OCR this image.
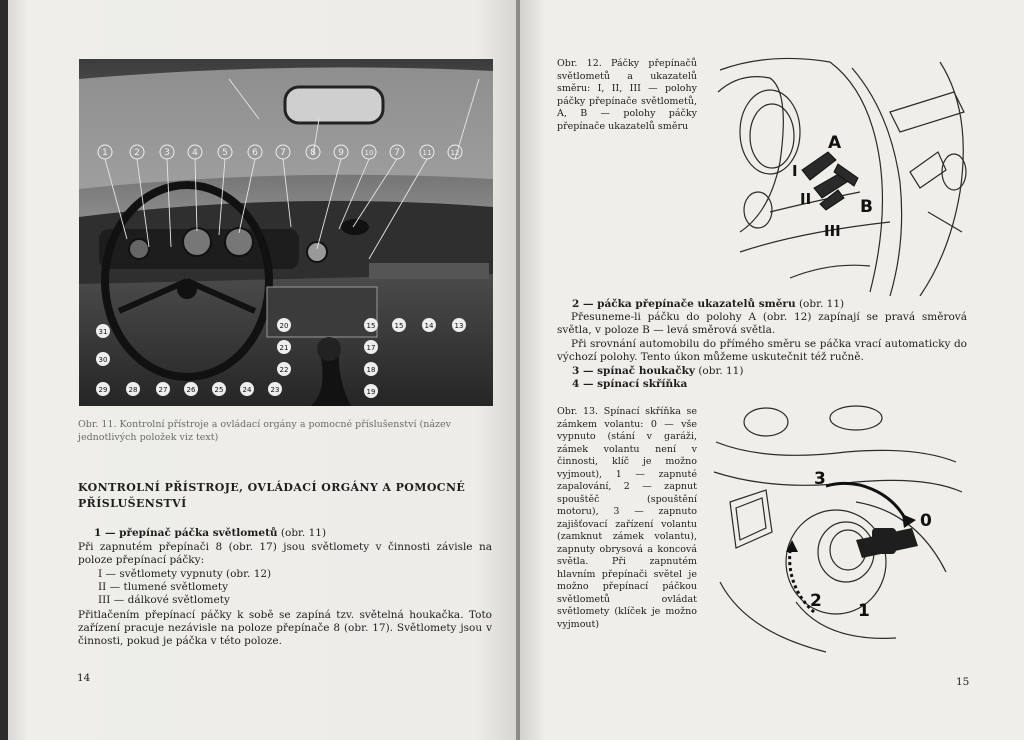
1	2	3 4	5	6 7	8 9	10 7	11	12
15	15	14	13
20
21
22
17
18
19
29	28	27	26	25	24	23
31
30
Obr. 11. Kontrolní přístroje a ovládací orgány a pomocné příslušenství (název jednotlivých položek viz text)
KONTROLNÍ PŘÍSTROJE, OVLÁDACÍ ORGÁNY A POMOCNÉ
PŘÍSLUŠENSTVÍ
1 — přepínač páčka světlometů (obr. 11)
Při zapnutém přepínači 8 (obr. 17) jsou světlomety v činnosti závisle na poloze přepínací páčky:
I — světlomety vypnuty (obr. 12)
II — tlumené světlomety
III — dálkové světlomety
Přitlačením přepínací páčky k sobě se zapíná tzv. světelná houkačka. Toto zařízení pracuje nezávisle na poloze přepínače 8 (obr. 17). Světlomety jsou v činnosti, pokud je páčka v této poloze.
14
Obr. 12. Páčky přepínačů světlometů a ukazatelů směru: I, II, III — polohy páčky přepínače světlometů, A, B — polohy páčky přepínače ukazatelů směru
A
I
II	B
III
2 — páčka přepínače ukazatelů směru (obr. 11)
Přesuneme-li páčku do polohy A (obr. 12) zapínají se pravá směrová světla, v poloze B — levá směrová světla.
Při srovnání automobilu do přímého směru se páčka vrací automaticky do výchozí polohy. Tento úkon můžeme uskutečnit též ručně.
3 — spínač houkačky (obr. 11)
4 — spínací skříňka
Obr. 13. Spínací skříňka se zámkem volantu: 0 — vše vypnuto (stání v garáži, zámek volantu není v činnosti, klíč je možno vyjmout), 1 — zapnuté zapalování, 2 — zapnut spouštěč (spouštění motoru), 3 — zapnuto zajišťovací zařízení volantu (zamknut zámek volantu), zapnuty obrysová a koncová světla. Při zapnutém hlavním přepínači světel je možno přepínací páčkou světlometů ovládat světlomety (klíček je možno vyjmout)
3
0
2 1
15
